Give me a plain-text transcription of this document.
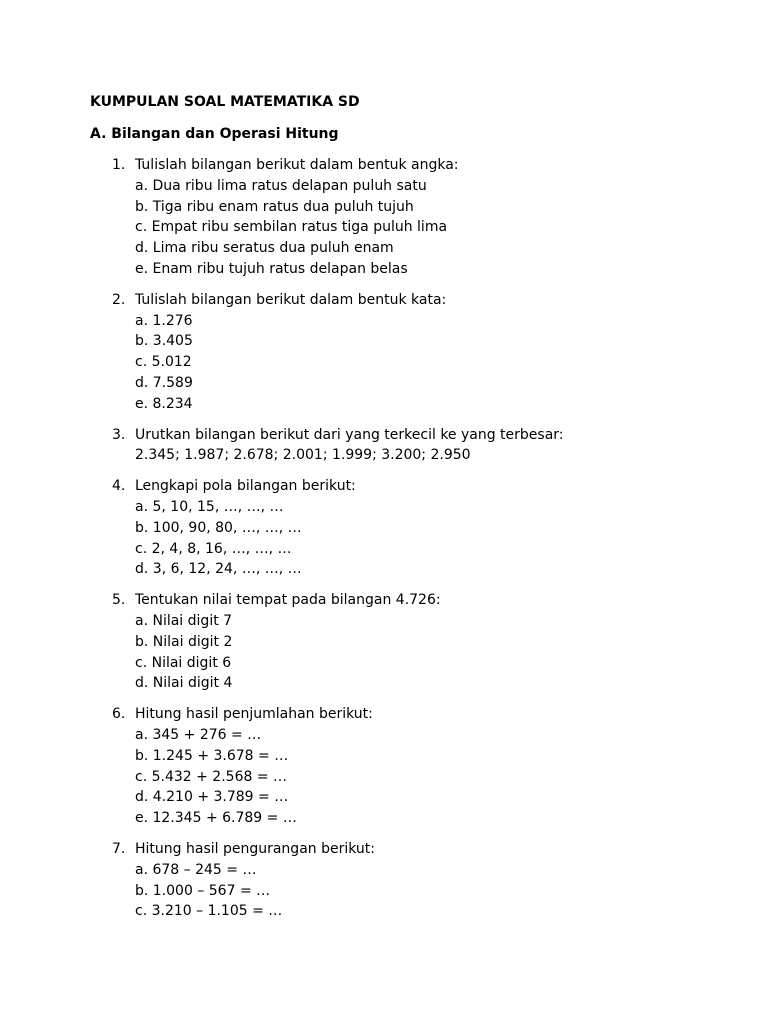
KUMPULAN SOAL MATEMATIKA SD
A. Bilangan dan Operasi Hitung
1. Tulislah bilangan berikut dalam bentuk angka:
a. Dua ribu lima ratus delapan puluh satu
b. Tiga ribu enam ratus dua puluh tujuh
c. Empat ribu sembilan ratus tiga puluh lima
d. Lima ribu seratus dua puluh enam
e. Enam ribu tujuh ratus delapan belas
2. Tulislah bilangan berikut dalam bentuk kata:
a. 1.276
b. 3.405
c. 5.012
d. 7.589
e. 8.234
3. Urutkan bilangan berikut dari yang terkecil ke yang terbesar:
2.345; 1.987; 2.678; 2.001; 1.999; 3.200; 2.950
4. Lengkapi pola bilangan berikut:
a. 5, 10, 15, …, …, …
b. 100, 90, 80, …, …, …
c. 2, 4, 8, 16, …, …, …
d. 3, 6, 12, 24, …, …, …
5. Tentukan nilai tempat pada bilangan 4.726:
a. Nilai digit 7
b. Nilai digit 2
c. Nilai digit 6
d. Nilai digit 4
6. Hitung hasil penjumlahan berikut:
a. 345 + 276 = …
b. 1.245 + 3.678 = …
c. 5.432 + 2.568 = …
d. 4.210 + 3.789 = …
e. 12.345 + 6.789 = …
7. Hitung hasil pengurangan berikut:
a. 678 – 245 = …
b. 1.000 – 567 = …
c. 3.210 – 1.105 = …
